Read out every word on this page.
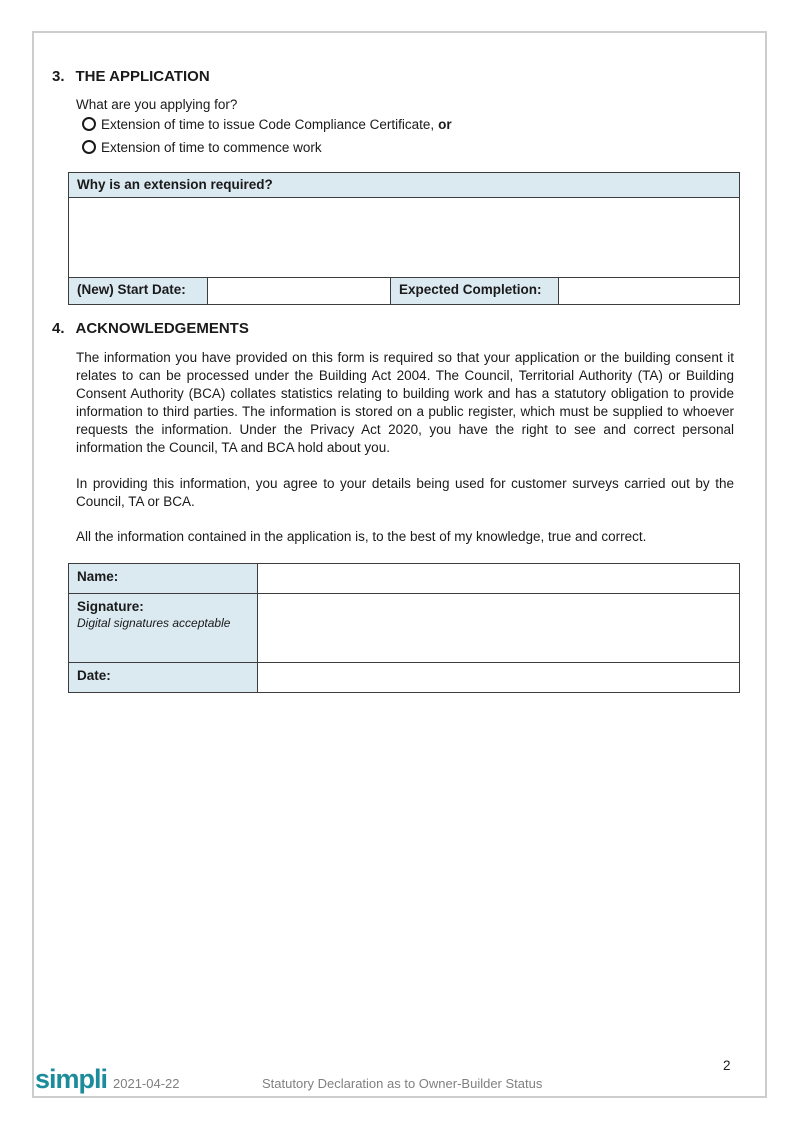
3. THE APPLICATION
What are you applying for?
Extension of time to issue Code Compliance Certificate, or
Extension of time to commence work
Why is an extension required?
(New) Start Date:	Expected Completion:
4. ACKNOWLEDGEMENTS
The information you have provided on this form is required so that your application or the building consent it relates to can be processed under the Building Act 2004. The Council, Territorial Authority (TA) or Building Consent Authority (BCA) collates statistics relating to building work and has a statutory obligation to provide information to third parties. The information is stored on a public register, which must be supplied to whoever requests the information. Under the Privacy Act 2020, you have the right to see and correct personal information the Council, TA and BCA hold about you.
In providing this information, you agree to your details being used for customer surveys carried out by the Council, TA or BCA.
All the information contained in the application is, to the best of my knowledge, true and correct.
Name:
Signature:
Digital signatures acceptable
Date:
2
simpli 2021-04-22	Statutory Declaration as to Owner-Builder Status
